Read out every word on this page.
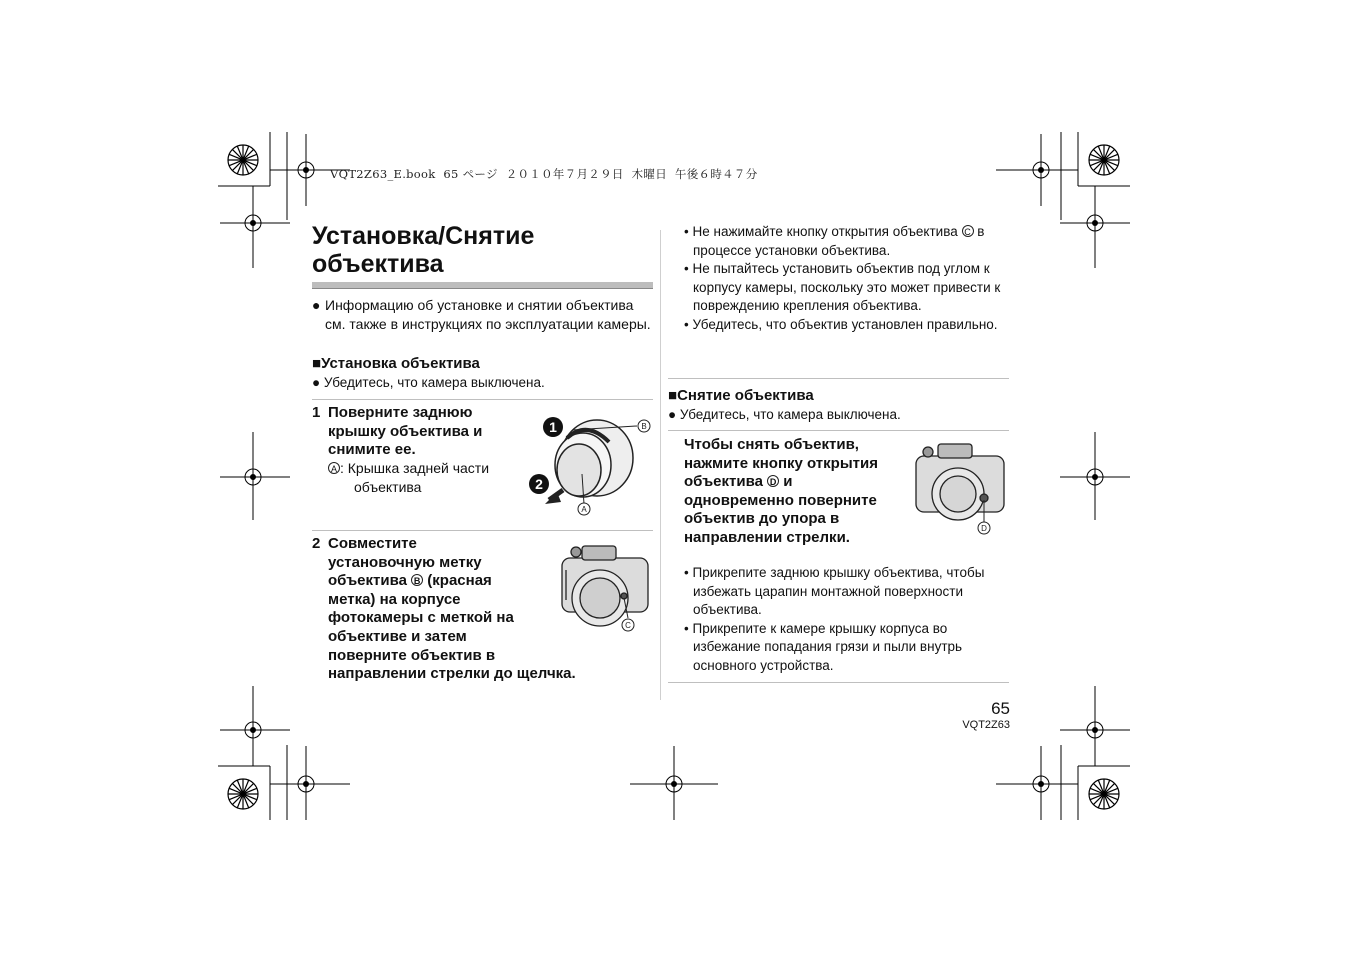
VQT2Z63_E.book  65 ページ  ２０１０年７月２９日  木曜日  午後６時４７分
Установка/Снятие
объектива
● Информацию об установке и снятии объектива см. также в инструкциях по эксплуатации камеры.
■Установка объектива
● Убедитесь, что камера выключена.
1 Поверните заднюю крышку объектива и снимите ее.
A : Крышка задней части объектива
1
2
B
A
2 Совместите установочную метку объектива B (красная метка) на корпусе фотокамеры с меткой на объективе и затем поверните объектив в направлении стрелки до щелчка.
C
• Не нажимайте кнопку открытия объектива C в процессе установки объектива.
• Не пытайтесь установить объектив под углом к корпусу камеры, поскольку это может привести к повреждению крепления объектива.
• Убедитесь, что объектив установлен правильно.
■Снятие объектива
● Убедитесь, что камера выключена.
Чтобы снять объектив, нажмите кнопку открытия объектива D и одновременно поверните объектив до упора в направлении стрелки.
D
• Прикрепите заднюю крышку объектива, чтобы избежать царапин монтажной поверхности объектива.
• Прикрепите к камере крышку корпуса во избежание попадания грязи и пыли внутрь основного устройства.
65
VQT2Z63
